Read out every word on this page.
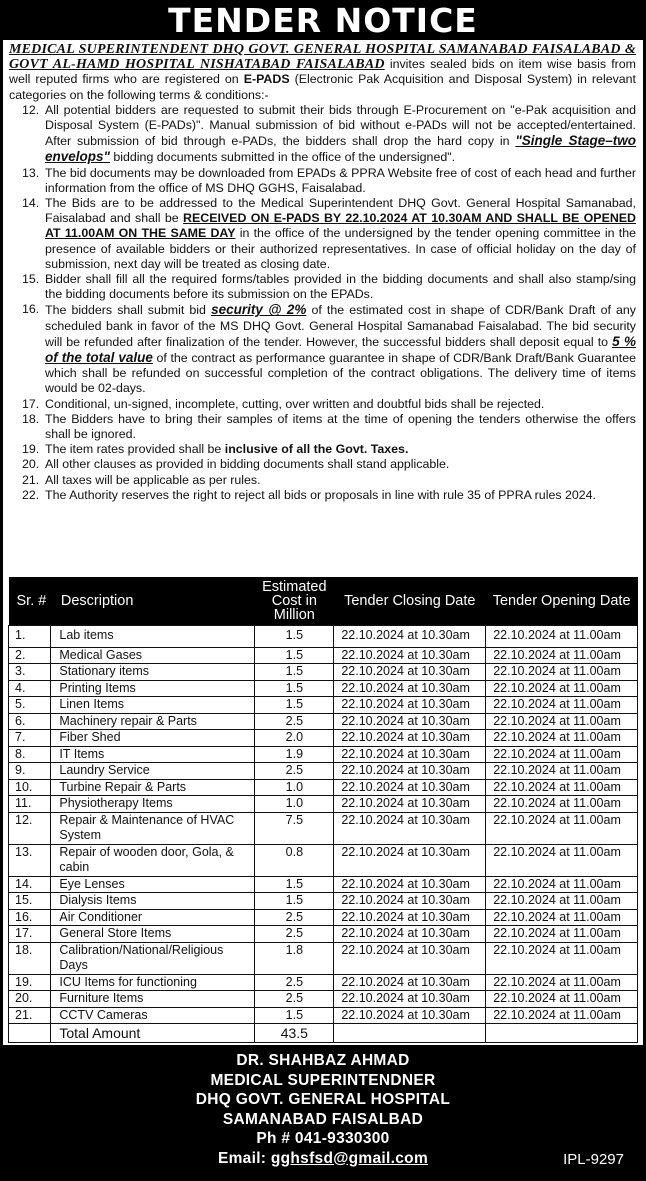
TENDER NOTICE

MEDICAL SUPERINTENDENT DHQ GOVT. GENERAL HOSPITAL SAMANABAD FAISALABAD & GOVT AL-HAMD HOSPITAL NISHATABAD FAISALABAD invites sealed bids on item wise basis from well reputed firms who are registered on E-PADS (Electronic Pak Acquisition and Disposal System) in relevant categories on the following terms & conditions:-

12. All potential bidders are requested to submit their bids through E-Procurement on "e-Pak acquisition and Disposal System (E-PADs)". Manual submission of bid without e-PADs will not be accepted/entertained. After submission of bid through e-PADs, the bidders shall drop the hard copy in "Single Stage–two envelops" bidding documents submitted in the office of the undersigned".
13. The bid documents may be downloaded from EPADs & PPRA Website free of cost of each head and further information from the office of MS DHQ GGHS, Faisalabad.
14. The Bids are to be addressed to the Medical Superintendent DHQ Govt. General Hospital Samanabad, Faisalabad and shall be RECEIVED ON E-PADS BY 22.10.2024 AT 10.30AM AND SHALL BE OPENED AT 11.00AM ON THE SAME DAY in the office of the undersigned by the tender opening committee in the presence of available bidders or their authorized representatives. In case of official holiday on the day of submission, next day will be treated as closing date.
15. Bidder shall fill all the required forms/tables provided in the bidding documents and shall also stamp/sing the bidding documents before its submission on the EPADs.
16. The bidders shall submit bid security @ 2% of the estimated cost in shape of CDR/Bank Draft of any scheduled bank in favor of the MS DHQ Govt. General Hospital Samanabad Faisalabad. The bid security will be refunded after finalization of the tender. However, the successful bidders shall deposit equal to 5 % of the total value of the contract as performance guarantee in shape of CDR/Bank Draft/Bank Guarantee which shall be refunded on successful completion of the contract obligations. The delivery time of items would be 02-days.
17. Conditional, un-signed, incomplete, cutting, over written and doubtful bids shall be rejected.
18. The Bidders have to bring their samples of items at the time of opening the tenders otherwise the offers shall be ignored.
19. The item rates provided shall be inclusive of all the Govt. Taxes.
20. All other clauses as provided in bidding documents shall stand applicable.
21. All taxes will be applicable as per rules.
22. The Authority reserves the right to reject all bids or proposals in line with rule 35 of PPRA rules 2024.
Sr. #	Description	Estimated Cost in Million	Tender Closing Date	Tender Opening Date
1.	Lab items	1.5	22.10.2024 at 10.30am	22.10.2024 at 11.00am
2.	Medical Gases	1.5	22.10.2024 at 10.30am	22.10.2024 at 11.00am
3.	Stationary items	1.5	22.10.2024 at 10.30am	22.10.2024 at 11.00am
4.	Printing Items	1.5	22.10.2024 at 10.30am	22.10.2024 at 11.00am
5.	Linen Items	1.5	22.10.2024 at 10.30am	22.10.2024 at 11.00am
6.	Machinery repair & Parts	2.5	22.10.2024 at 10.30am	22.10.2024 at 11.00am
7.	Fiber Shed	2.0	22.10.2024 at 10.30am	22.10.2024 at 11.00am
8.	IT Items	1.9	22.10.2024 at 10.30am	22.10.2024 at 11.00am
9.	Laundry Service	2.5	22.10.2024 at 10.30am	22.10.2024 at 11.00am
10.	Turbine Repair & Parts	1.0	22.10.2024 at 10.30am	22.10.2024 at 11.00am
11.	Physiotherapy Items	1.0	22.10.2024 at 10.30am	22.10.2024 at 11.00am
12.	Repair & Maintenance of HVAC System	7.5	22.10.2024 at 10.30am	22.10.2024 at 11.00am
13.	Repair of wooden door, Gola, & cabin	0.8	22.10.2024 at 10.30am	22.10.2024 at 11.00am
14.	Eye Lenses	1.5	22.10.2024 at 10.30am	22.10.2024 at 11.00am
15.	Dialysis Items	1.5	22.10.2024 at 10.30am	22.10.2024 at 11.00am
16.	Air Conditioner	2.5	22.10.2024 at 10.30am	22.10.2024 at 11.00am
17.	General Store Items	2.5	22.10.2024 at 10.30am	22.10.2024 at 11.00am
18.	Calibration/National/Religious Days	1.8	22.10.2024 at 10.30am	22.10.2024 at 11.00am
19.	ICU Items for functioning	2.5	22.10.2024 at 10.30am	22.10.2024 at 11.00am
20.	Furniture Items	2.5	22.10.2024 at 10.30am	22.10.2024 at 11.00am
21.	CCTV Cameras	1.5	22.10.2024 at 10.30am	22.10.2024 at 11.00am
	Total Amount	43.5		
DR. SHAHBAZ AHMAD
MEDICAL SUPERINTENDNER
DHQ GOVT. GENERAL HOSPITAL
SAMANABAD FAISALBAD
Ph # 041-9330300
Email: gghsfsd@gmail.com	IPL-9297
